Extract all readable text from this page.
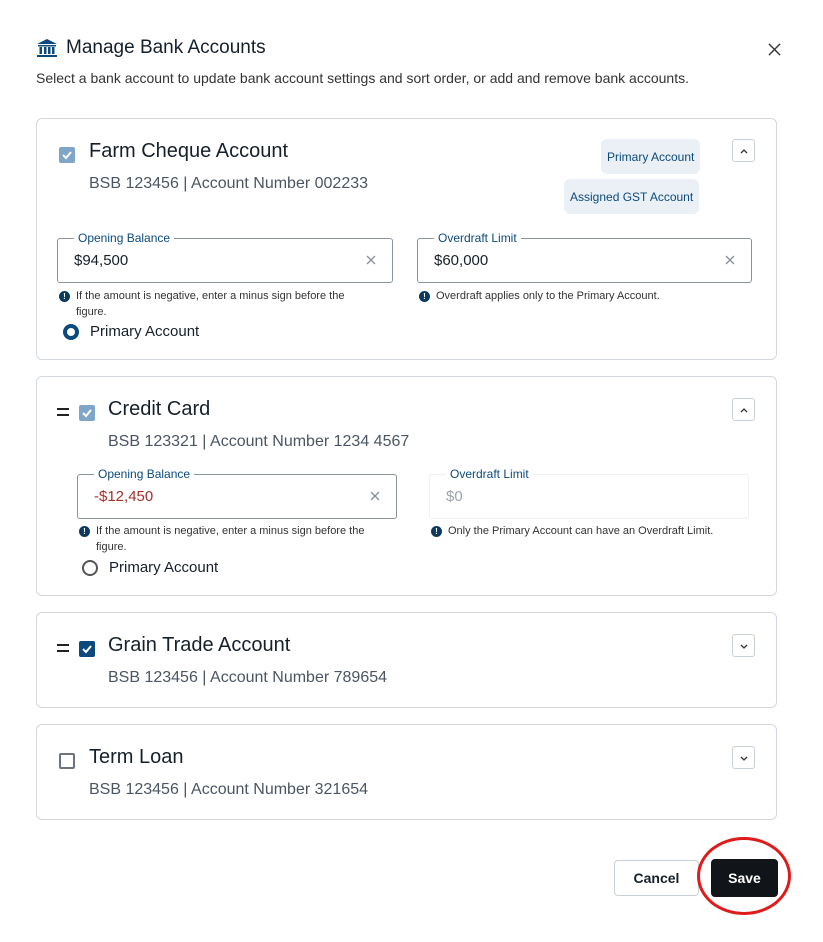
Manage Bank Accounts
Select a bank account to update bank account settings and sort order, or add and remove bank accounts.
Farm Cheque Account
BSB 123456 | Account Number 002233
Primary Account
Assigned GST Account
Opening Balance
$94,500
! If the amount is negative, enter a minus sign before the figure.
Overdraft Limit
$60,000
! Overdraft applies only to the Primary Account.
Primary Account
Credit Card
BSB 123321 | Account Number 1234 4567
Opening Balance
-$12,450
! If the amount is negative, enter a minus sign before the figure.
Overdraft Limit
$0
! Only the Primary Account can have an Overdraft Limit.
Primary Account
Grain Trade Account
BSB 123456 | Account Number 789654
Term Loan
BSB 123456 | Account Number 321654
Cancel	Save
